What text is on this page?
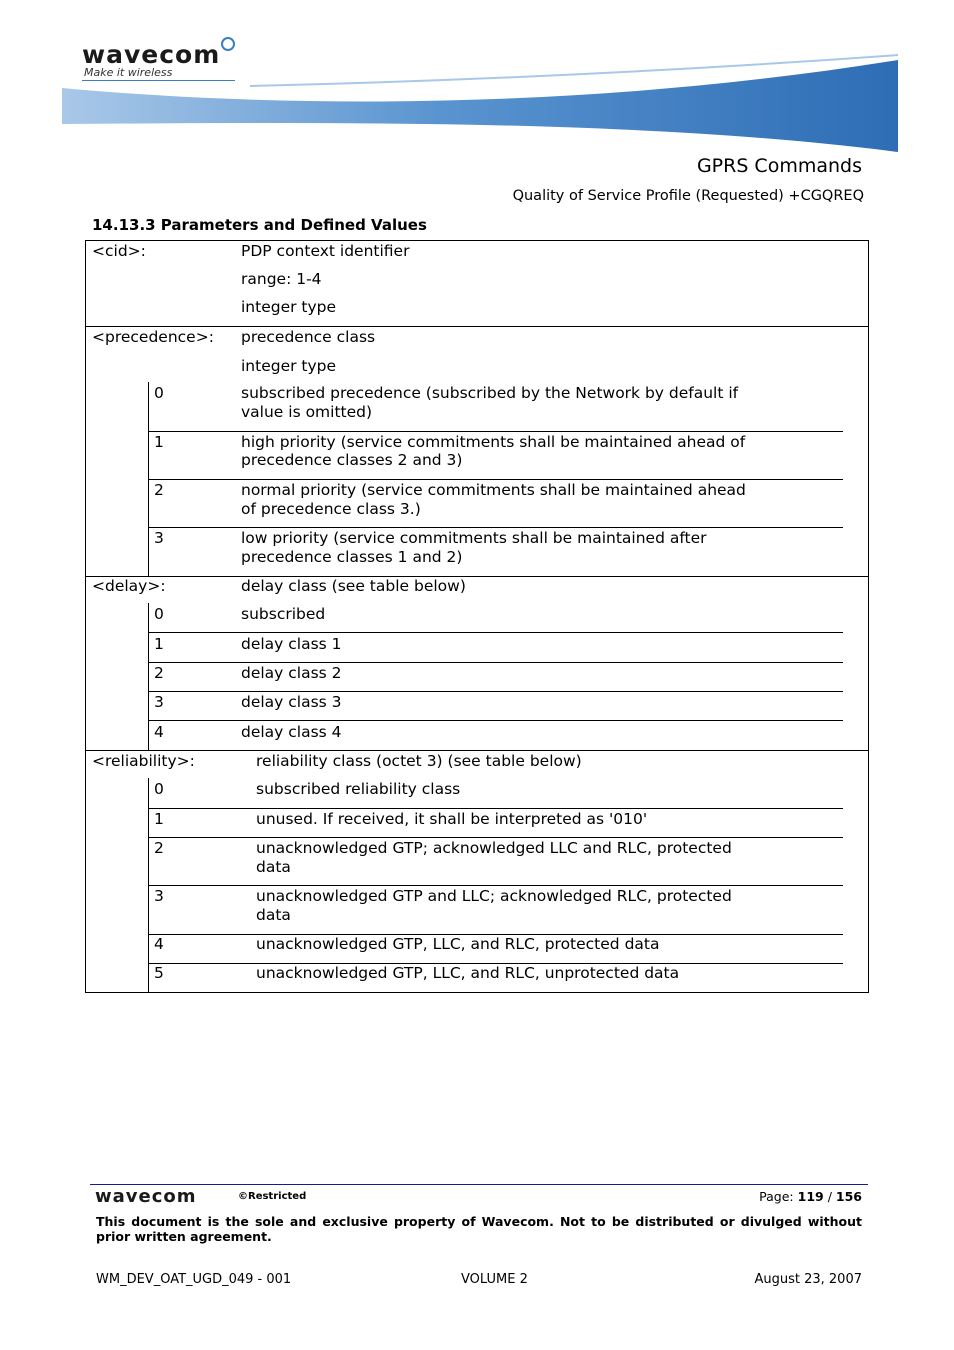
wavecom
Make it wireless
GPRS Commands
Quality of Service Profile (Requested) +CGQREQ
14.13.3 Parameters and Defined Values
<cid>:	PDP context identifier
range: 1-4
integer type
<precedence>: precedence class
integer type
0	subscribed precedence (subscribed by the Network by default if
value is omitted)
1	high priority (service commitments shall be maintained ahead of
precedence classes 2 and 3)
2	normal priority (service commitments shall be maintained ahead
of precedence class 3.)
3	low priority (service commitments shall be maintained after
precedence classes 1 and 2)
<delay>:	delay class (see table below)
0	subscribed
1	delay class 1
2	delay class 2
3	delay class 3
4	delay class 4
<reliability>:	reliability class (octet 3) (see table below)
0	subscribed reliability class
1	unused. If received, it shall be interpreted as '010'
2	unacknowledged GTP; acknowledged LLC and RLC, protected
data
3	unacknowledged GTP and LLC; acknowledged RLC, protected
data
4	unacknowledged GTP, LLC, and RLC, protected data
5	unacknowledged GTP, LLC, and RLC, unprotected data
wavecom	©Restricted	Page: 119 / 156
This document is the sole and exclusive property of Wavecom. Not to be distributed or divulged without prior written agreement.
WM_DEV_OAT_UGD_049 - 001	VOLUME 2	August 23, 2007
